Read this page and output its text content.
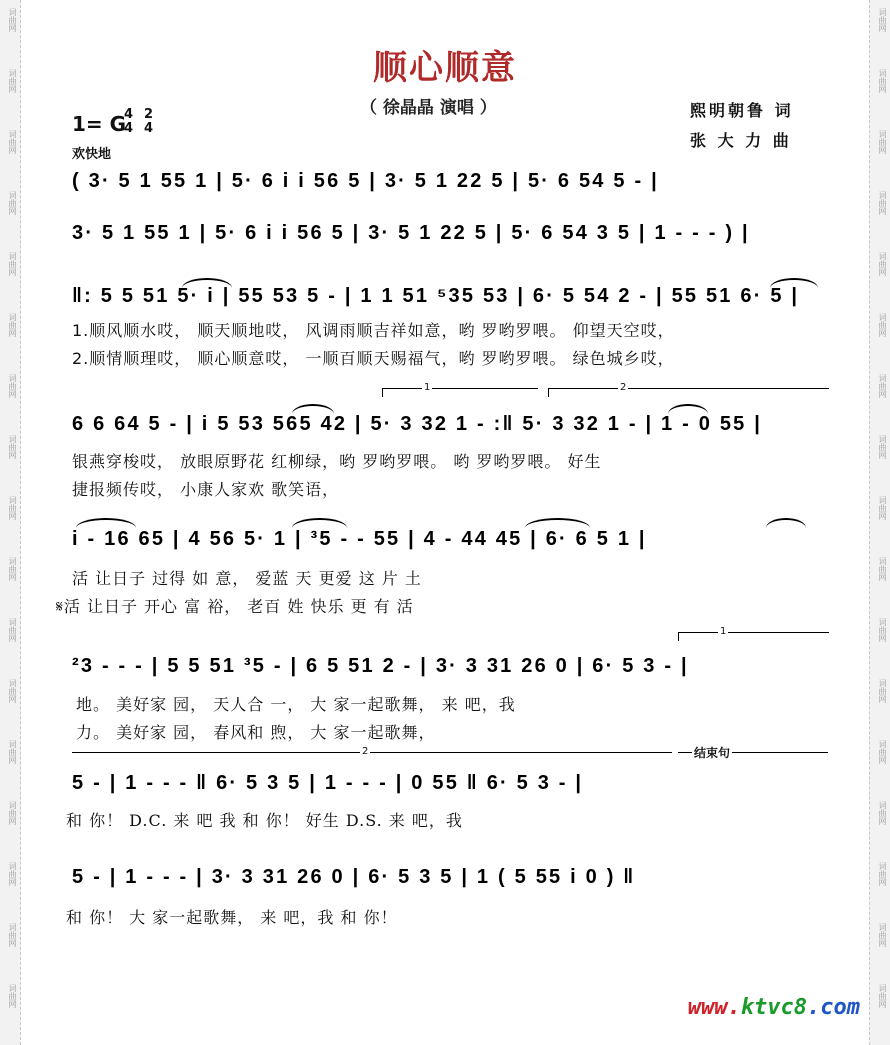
词曲网
词曲网
词曲网
词曲网
词曲网
词曲网
词曲网
词曲网
词曲网
词曲网
词曲网
词曲网
词曲网
词曲网
词曲网
词曲网
词曲网
词曲网
词曲网
词曲网
词曲网
词曲网
词曲网
词曲网
词曲网
词曲网
词曲网
词曲网
词曲网
词曲网
词曲网
词曲网
词曲网
词曲网
顺心顺意
（ 徐晶晶 演唱 ）	熙明朝鲁 词
张 大 力 曲
1= G
4
4
2
4
欢快地
( 3· 5 1 55 1 | 5· 6 i i 56 5 | 3· 5 1 22 5 | 5· 6 54 5 - |
3· 5 1 55 1 | 5· 6 i i 56 5 | 3· 5 1 22 5 | 5· 6 54 3 5 | 1 - - - ) |
‖: 5 5 51 5· i | 55 53 5 - | 1 1 51 ⁵35 53 | 6· 5 54 2 - | 55 51 6· 5 |
1.顺风顺水哎， 顺天顺地哎， 风调雨顺吉祥如意，哟 罗哟罗喂。 仰望天空哎，
2.顺情顺理哎， 顺心顺意哎， 一顺百顺天赐福气，哟 罗哟罗喂。 绿色城乡哎，
1	2
6 6 64 5 - | i 5 53 565 42 | 5· 3 32 1 - :‖ 5· 3 32 1 - | 1 - 0 55 |
银燕穿梭哎， 放眼原野花 红柳绿，哟 罗哟罗喂。 哟 罗哟罗喂。 好生
捷报频传哎， 小康人家欢 歌笑语，
i - 16 65 | 4 56 5· 1 | ³5 - - 55 | 4 - 44 45 | 6· 6 5 1 |
活 让日子 过得 如 意， 爱蓝 天 更爱 这 片 土
𝄋活 让日子 开心 富 裕， 老百 姓 快乐 更 有 活
1
²3 - - - | 5 5 51 ³5 - | 6 5 51 2 - | 3· 3 31 26 0 | 6· 5 3 - |
地。 美好家 园， 天人合 一， 大 家一起歌舞， 来 吧，我
力。 美好家 园， 春风和 煦， 大 家一起歌舞，
2	结束句
5 - | 1 - - - ‖ 6· 5 3 5 | 1 - - - | 0 55 ‖ 6· 5 3 - |
和 你！ D.C. 来 吧 我 和 你！ 好生 D.S. 来 吧，我
5 - | 1 - - - | 3· 3 31 26 0 | 6· 5 3 5 | 1 ( 5 55 i 0 ) ‖
和 你！ 大 家一起歌舞， 来 吧，我 和 你！
www.ktvc8.com
